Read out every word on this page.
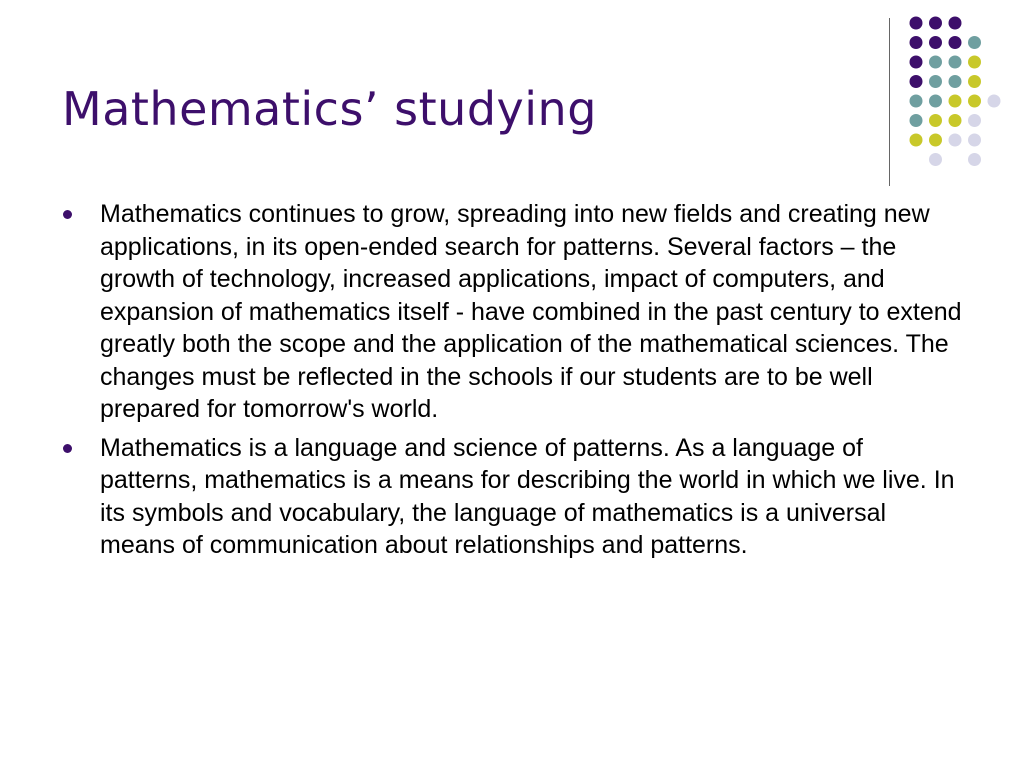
Mathematics’ studying
Mathematics continues to grow, spreading into new fields and creating new applications, in its open-ended search for patterns. Several factors – the growth of technology, increased applications, impact of computers, and expansion of mathematics itself - have combined in the past century to extend greatly both the scope and the application of the mathematical sciences. The changes must be reflected in the schools if our students are to be well prepared for tomorrow's world.
Mathematics is a language and science of patterns. As a language of patterns, mathematics is a means for describing the world in which we live. In its symbols and vocabulary, the language of mathematics is a universal means of communication about relationships and patterns.
